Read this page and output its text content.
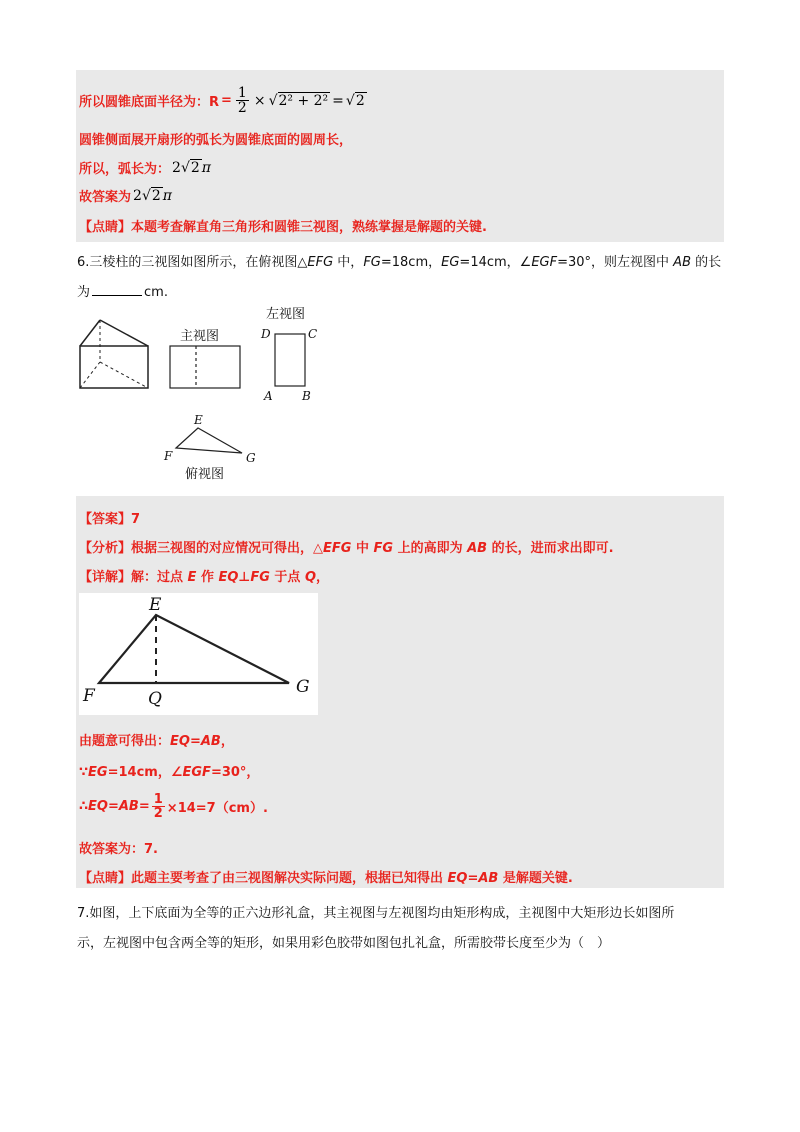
所以圆锥底面半径为：$R = \frac{1}{2}$ × √ 2² + 2² = √ 2
圆锥侧面展开扇形的弧长为圆锥底面的圆周长，
所以，弧长为： 2 √ 2 π
故答案为 2 √ 2 π
【点睛】本题考查解直角三角形和圆锥三视图，熟练掌握是解题的关键.
6.三棱柱的三视图如图所示，在俯视图△EFG 中，FG=18cm，EG=14cm，∠EGF=30°，则左视图中 AB 的长
为	cm.
主视图
左视图
D	C
A B
E
F	G
俯视图
【答案】7
【分析】根据三视图的对应情况可得出，△EFG 中 FG 上的高即为 AB 的长，进而求出即可.
【详解】解：过点 E 作 EQ⊥FG 于点 Q，
E
F	Q
G
由题意可得出：EQ=AB，
∵EG=14cm，∠EGF=30°，
∴ $EQ=AB = \frac{1}{2} \times 14=7(cm)$.
故答案为：7.
【点睛】此题主要考查了由三视图解决实际问题，根据已知得出 EQ=AB 是解题关键.
7.如图，上下底面为全等的正六边形礼盒，其主视图与左视图均由矩形构成，主视图中大矩形边长如图所
示，左视图中包含两全等的矩形，如果用彩色胶带如图包扎礼盒，所需胶带长度至少为（　）
